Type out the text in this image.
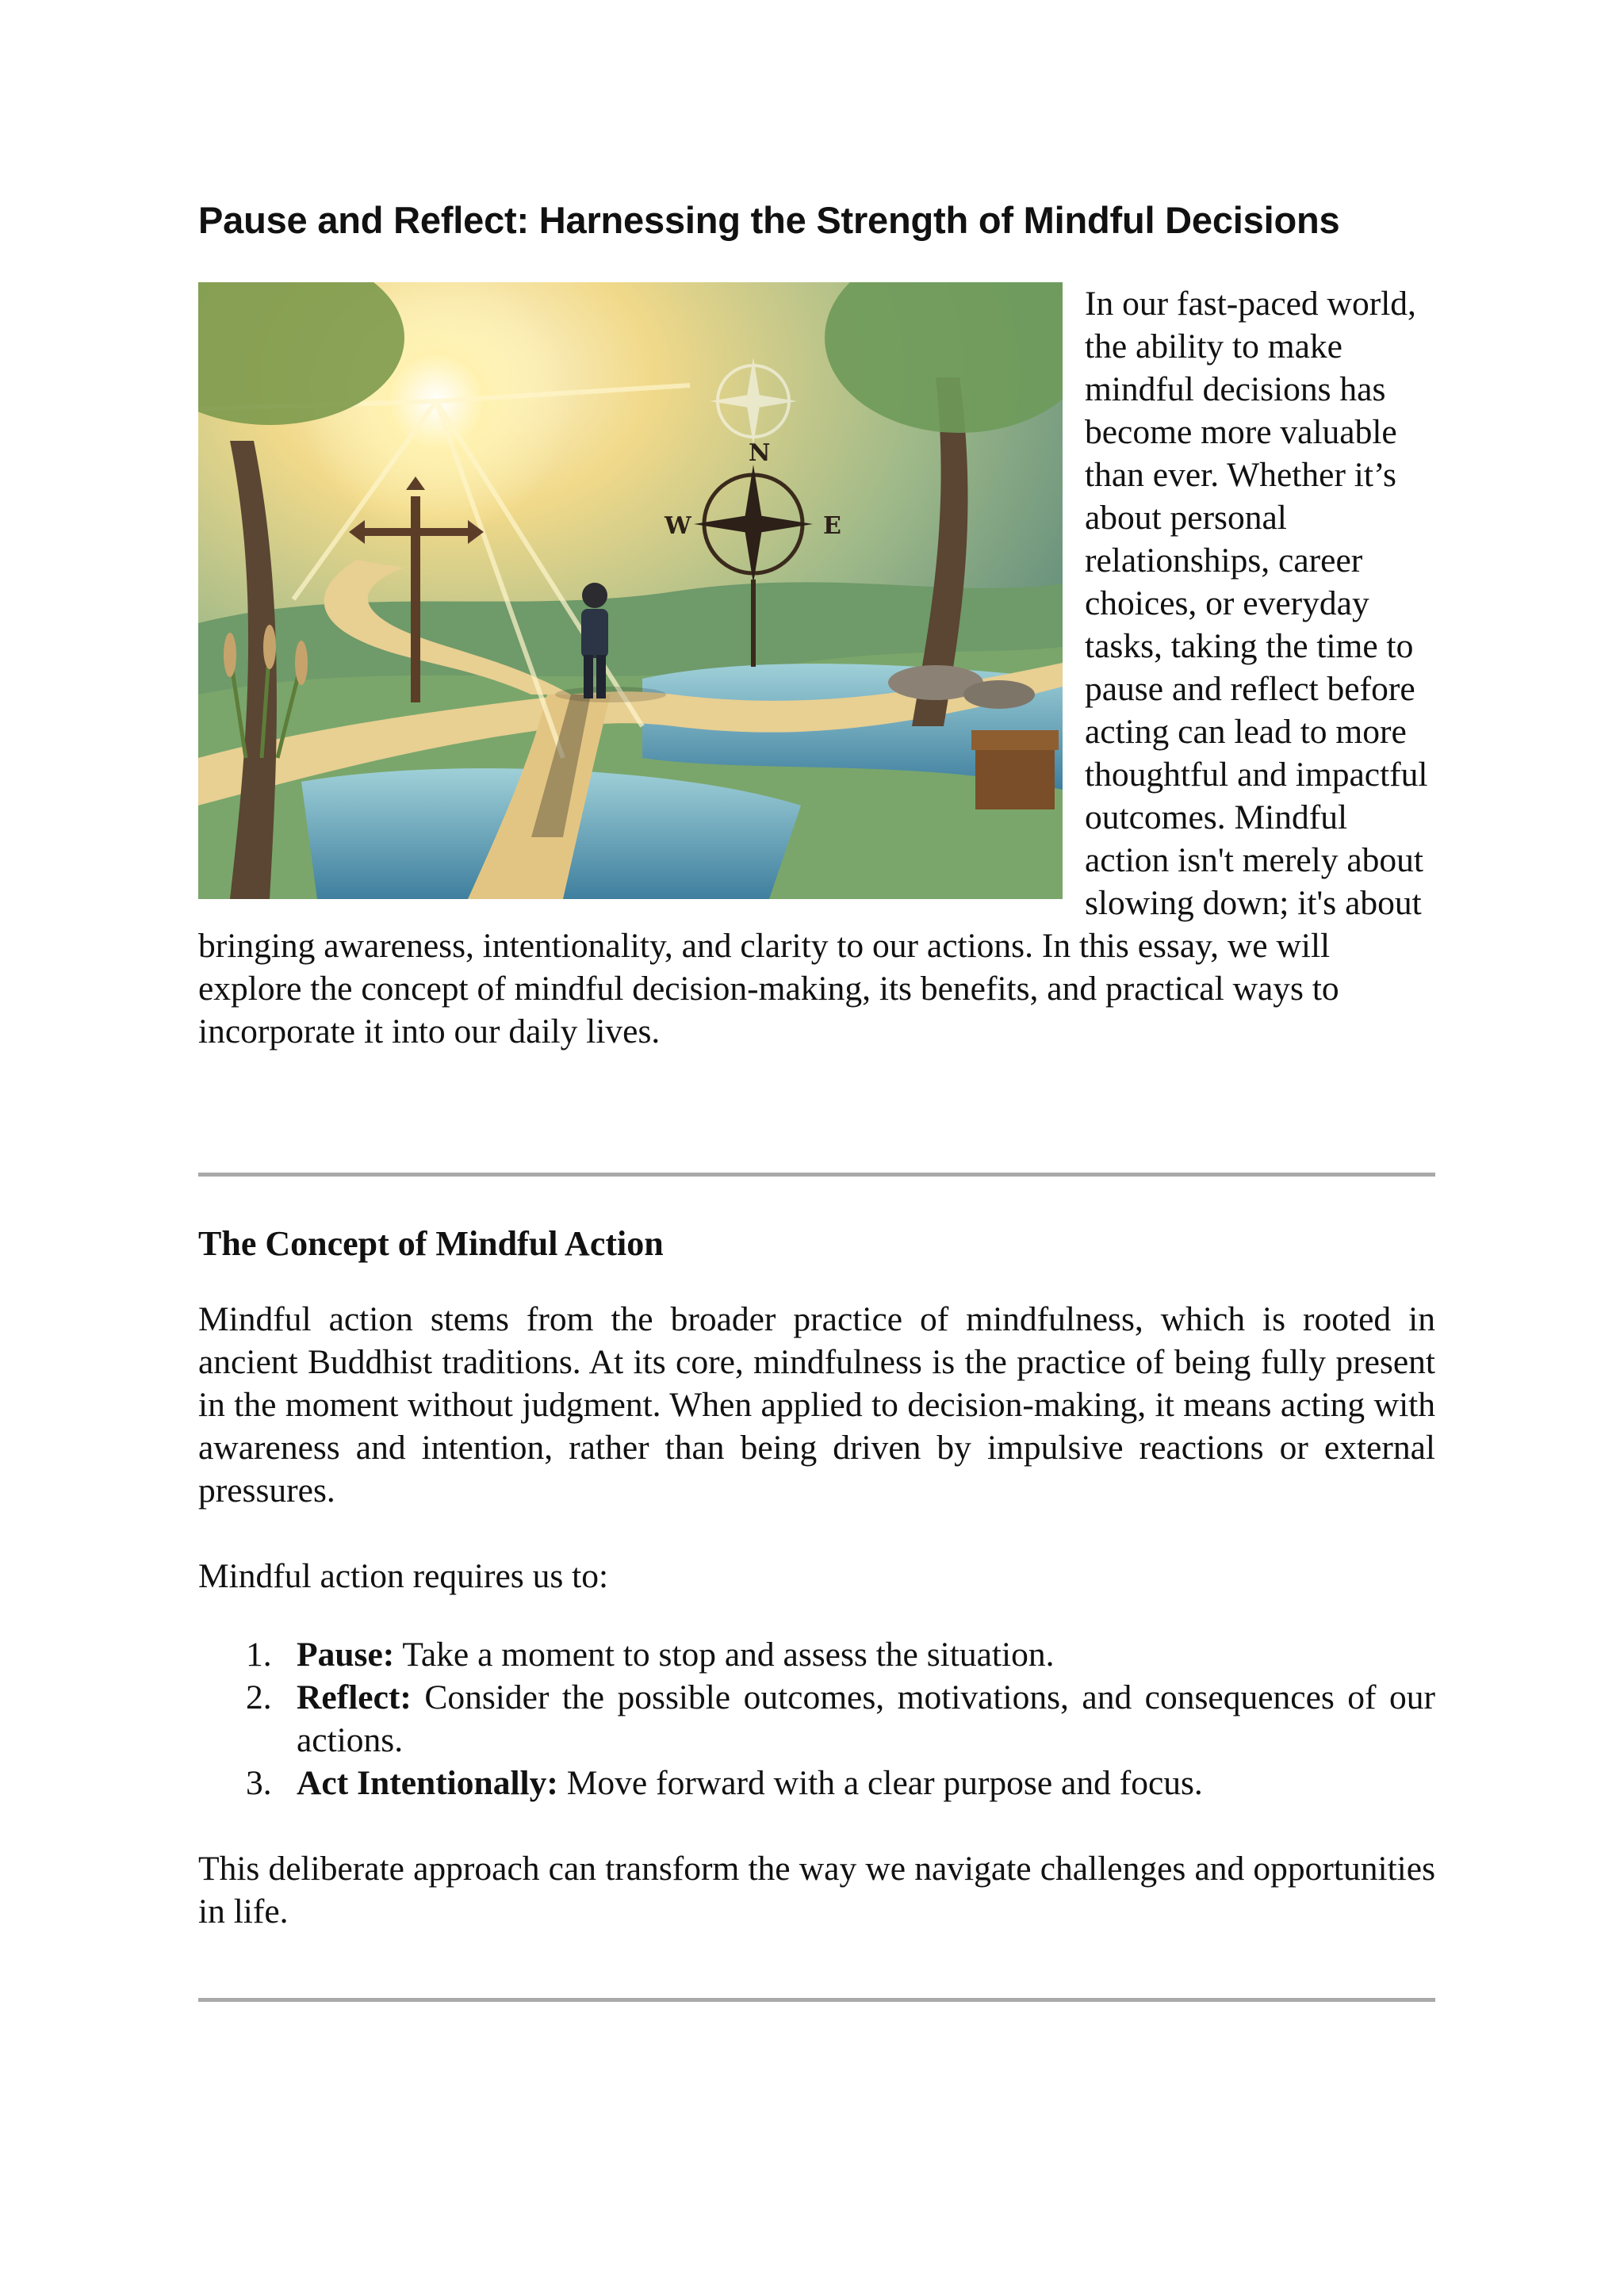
Pause and Reflect: Harnessing the Strength of Mindful Decisions
N
W	E

In our fast-paced world, the ability to make mindful decisions has become more valuable than ever. Whether it’s about personal relationships, career choices, or everyday tasks, taking the time to pause and reflect before acting can lead to more thoughtful and impactful outcomes. Mindful action isn't merely about slowing down; it's about bringing awareness, intentionality, and clarity to our actions. In this essay, we will explore the concept of mindful decision-making, its benefits, and practical ways to incorporate it into our daily lives.

The Concept of Mindful Action

Mindful action stems from the broader practice of mindfulness, which is rooted in ancient Buddhist traditions. At its core, mindfulness is the practice of being fully present in the moment without judgment. When applied to decision-making, it means acting with awareness and intention, rather than being driven by impulsive reactions or external pressures.

Mindful action requires us to:

1. Pause: Take a moment to stop and assess the situation.
2. Reflect: Consider the possible outcomes, motivations, and consequences of our actions.
3. Act Intentionally: Move forward with a clear purpose and focus.

This deliberate approach can transform the way we navigate challenges and opportunities in life.
